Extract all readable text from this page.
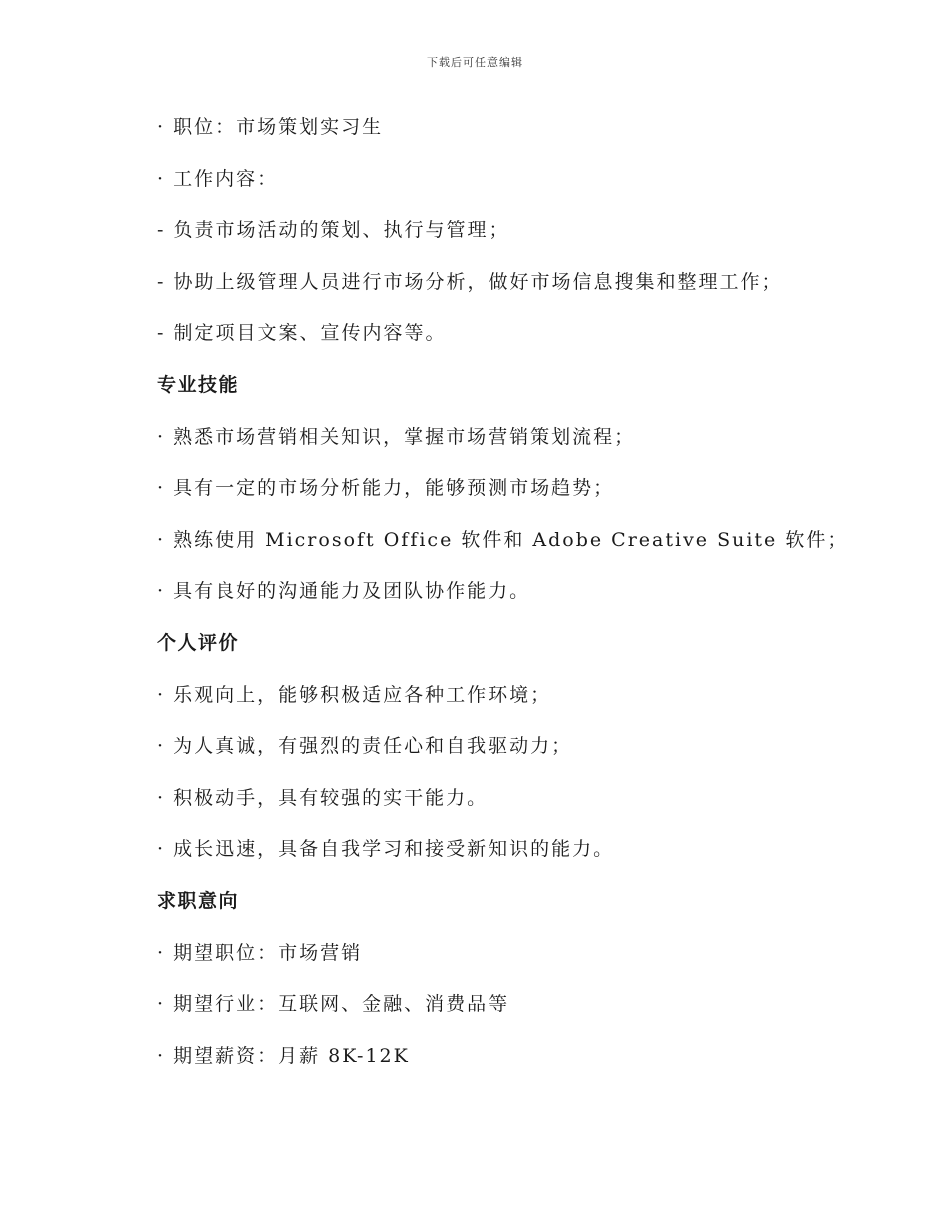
下载后可任意编辑
· 职位：市场策划实习生
· 工作内容：
- 负责市场活动的策划、执行与管理；
- 协助上级管理人员进行市场分析，做好市场信息搜集和整理工作；
- 制定项目文案、宣传内容等。
专业技能
· 熟悉市场营销相关知识，掌握市场营销策划流程；
· 具有一定的市场分析能力，能够预测市场趋势；
· 熟练使用 Microsoft Office 软件和 Adobe Creative Suite 软件；
· 具有良好的沟通能力及团队协作能力。
个人评价
· 乐观向上，能够积极适应各种工作环境；
· 为人真诚，有强烈的责任心和自我驱动力；
· 积极动手，具有较强的实干能力。
· 成长迅速，具备自我学习和接受新知识的能力。
求职意向
· 期望职位：市场营销
· 期望行业：互联网、金融、消费品等
· 期望薪资：月薪 8K-12K
